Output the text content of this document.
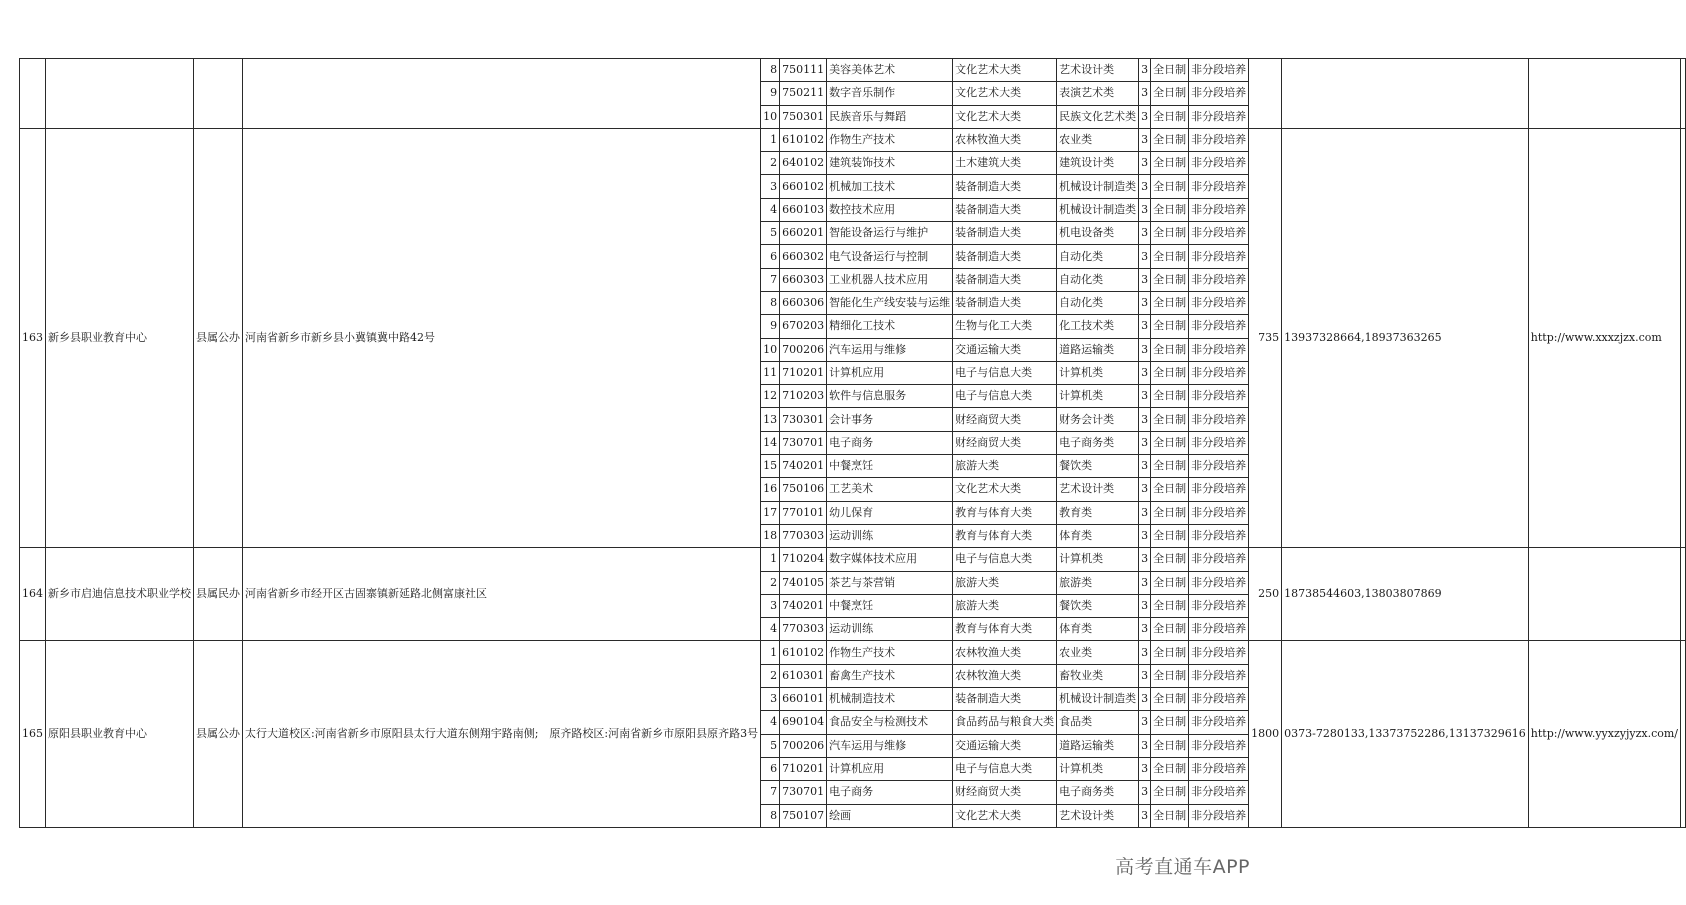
				8	750111	美容美体艺术	文化艺术大类	艺术设计类	3	全日制	非分段培养				
				9	750211	数字音乐制作	文化艺术大类	表演艺术类	3	全日制	非分段培养				
				10	750301	民族音乐与舞蹈	文化艺术大类	民族文化艺术类	3	全日制	非分段培养				
163	新乡县职业教育中心	县属公办	河南省新乡市新乡县小冀镇冀中路42号	1	610102	作物生产技术	农林牧渔大类	农业类	3	全日制	非分段培养	735	13937328664,18937363265	http://www.xxxzjzx.com	
				2	640102	建筑装饰技术	土木建筑大类	建筑设计类	3	全日制	非分段培养				
				3	660102	机械加工技术	装备制造大类	机械设计制造类	3	全日制	非分段培养				
				4	660103	数控技术应用	装备制造大类	机械设计制造类	3	全日制	非分段培养				
				5	660201	智能设备运行与维护	装备制造大类	机电设备类	3	全日制	非分段培养				
				6	660302	电气设备运行与控制	装备制造大类	自动化类	3	全日制	非分段培养				
				7	660303	工业机器人技术应用	装备制造大类	自动化类	3	全日制	非分段培养				
				8	660306	智能化生产线安装与运维	装备制造大类	自动化类	3	全日制	非分段培养				
				9	670203	精细化工技术	生物与化工大类	化工技术类	3	全日制	非分段培养				
				10	700206	汽车运用与维修	交通运输大类	道路运输类	3	全日制	非分段培养				
				11	710201	计算机应用	电子与信息大类	计算机类	3	全日制	非分段培养				
				12	710203	软件与信息服务	电子与信息大类	计算机类	3	全日制	非分段培养				
				13	730301	会计事务	财经商贸大类	财务会计类	3	全日制	非分段培养				
				14	730701	电子商务	财经商贸大类	电子商务类	3	全日制	非分段培养				
				15	740201	中餐烹饪	旅游大类	餐饮类	3	全日制	非分段培养				
				16	750106	工艺美术	文化艺术大类	艺术设计类	3	全日制	非分段培养				
				17	770101	幼儿保育	教育与体育大类	教育类	3	全日制	非分段培养				
				18	770303	运动训练	教育与体育大类	体育类	3	全日制	非分段培养				
164	新乡市启迪信息技术职业学校	县属民办	河南省新乡市经开区古固寨镇新延路北侧富康社区	1	710204	数字媒体技术应用	电子与信息大类	计算机类	3	全日制	非分段培养	250	18738544603,13803807869		
				2	740105	茶艺与茶营销	旅游大类	旅游类	3	全日制	非分段培养				
				3	740201	中餐烹饪	旅游大类	餐饮类	3	全日制	非分段培养				
				4	770303	运动训练	教育与体育大类	体育类	3	全日制	非分段培养				
165	原阳县职业教育中心	县属公办	太行大道校区:河南省新乡市原阳县太行大道东侧翔宇路南侧;　原齐路校区:河南省新乡市原阳县原齐路3号	1	610102	作物生产技术	农林牧渔大类	农业类	3	全日制	非分段培养	1800	0373-7280133,13373752286,13137329616	http://www.yyxzyjyzx.com/	
				2	610301	畜禽生产技术	农林牧渔大类	畜牧业类	3	全日制	非分段培养				
				3	660101	机械制造技术	装备制造大类	机械设计制造类	3	全日制	非分段培养				
				4	690104	食品安全与检测技术	食品药品与粮食大类	食品类	3	全日制	非分段培养				
				5	700206	汽车运用与维修	交通运输大类	道路运输类	3	全日制	非分段培养				
				6	710201	计算机应用	电子与信息大类	计算机类	3	全日制	非分段培养				
				7	730701	电子商务	财经商贸大类	电子商务类	3	全日制	非分段培养				
				8	750107	绘画	文化艺术大类	艺术设计类	3	全日制	非分段培养				
高考直通车APP
